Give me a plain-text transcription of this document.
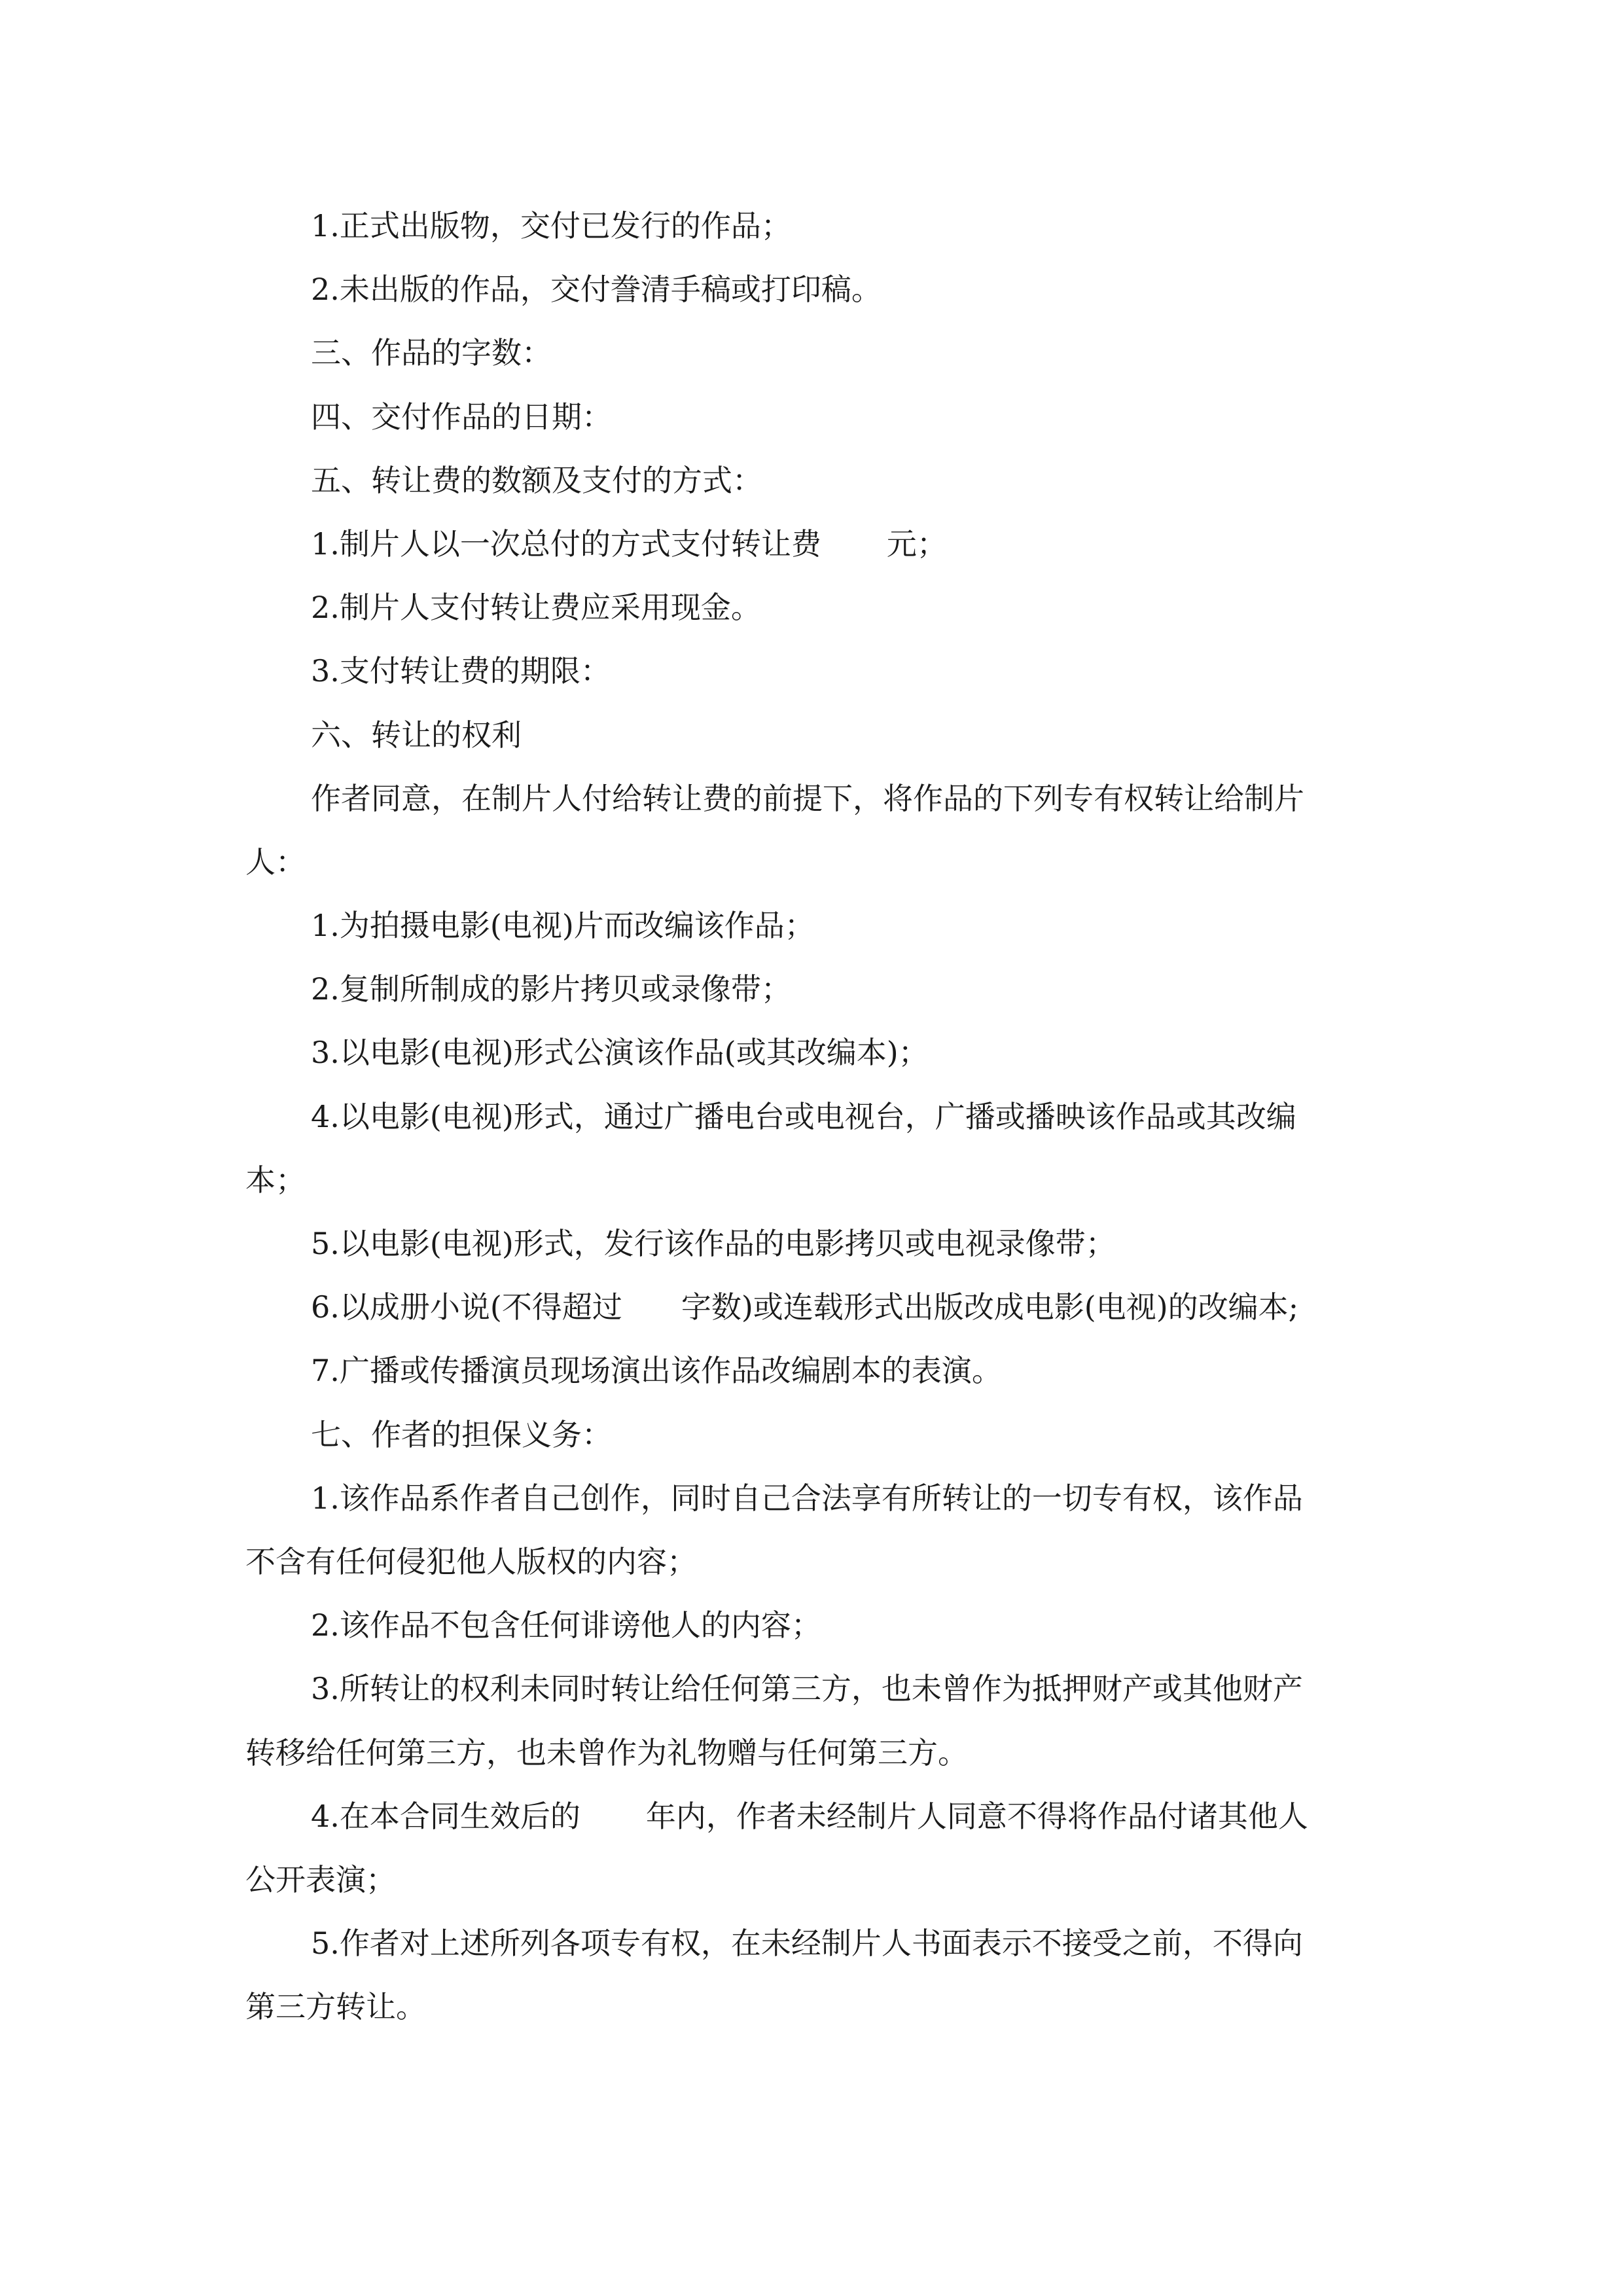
1.正式出版物，交付已发行的作品；
2.未出版的作品，交付誊清手稿或打印稿。
三、作品的字数：
四、交付作品的日期：
五、转让费的数额及支付的方式：
1.制片人以一次总付的方式支付转让费 元；
2.制片人支付转让费应采用现金。
3.支付转让费的期限：
六、转让的权利
作者同意，在制片人付给转让费的前提下，将作品的下列专有权转让给制片
人：
1.为拍摄电影(电视)片而改编该作品；
2.复制所制成的影片拷贝或录像带；
3.以电影(电视)形式公演该作品(或其改编本)；
4.以电影(电视)形式，通过广播电台或电视台，广播或播映该作品或其改编
本；
5.以电影(电视)形式，发行该作品的电影拷贝或电视录像带；
6.以成册小说(不得超过 字数)或连载形式出版改成电影(电视)的改编本;
7.广播或传播演员现场演出该作品改编剧本的表演。
七、作者的担保义务：
1.该作品系作者自己创作，同时自己合法享有所转让的一切专有权，该作品
不含有任何侵犯他人版权的内容；
2.该作品不包含任何诽谤他人的内容；
3.所转让的权利未同时转让给任何第三方，也未曾作为抵押财产或其他财产
转移给任何第三方，也未曾作为礼物赠与任何第三方。
4.在本合同生效后的 年内，作者未经制片人同意不得将作品付诸其他人
公开表演；
5.作者对上述所列各项专有权，在未经制片人书面表示不接受之前，不得向
第三方转让。
